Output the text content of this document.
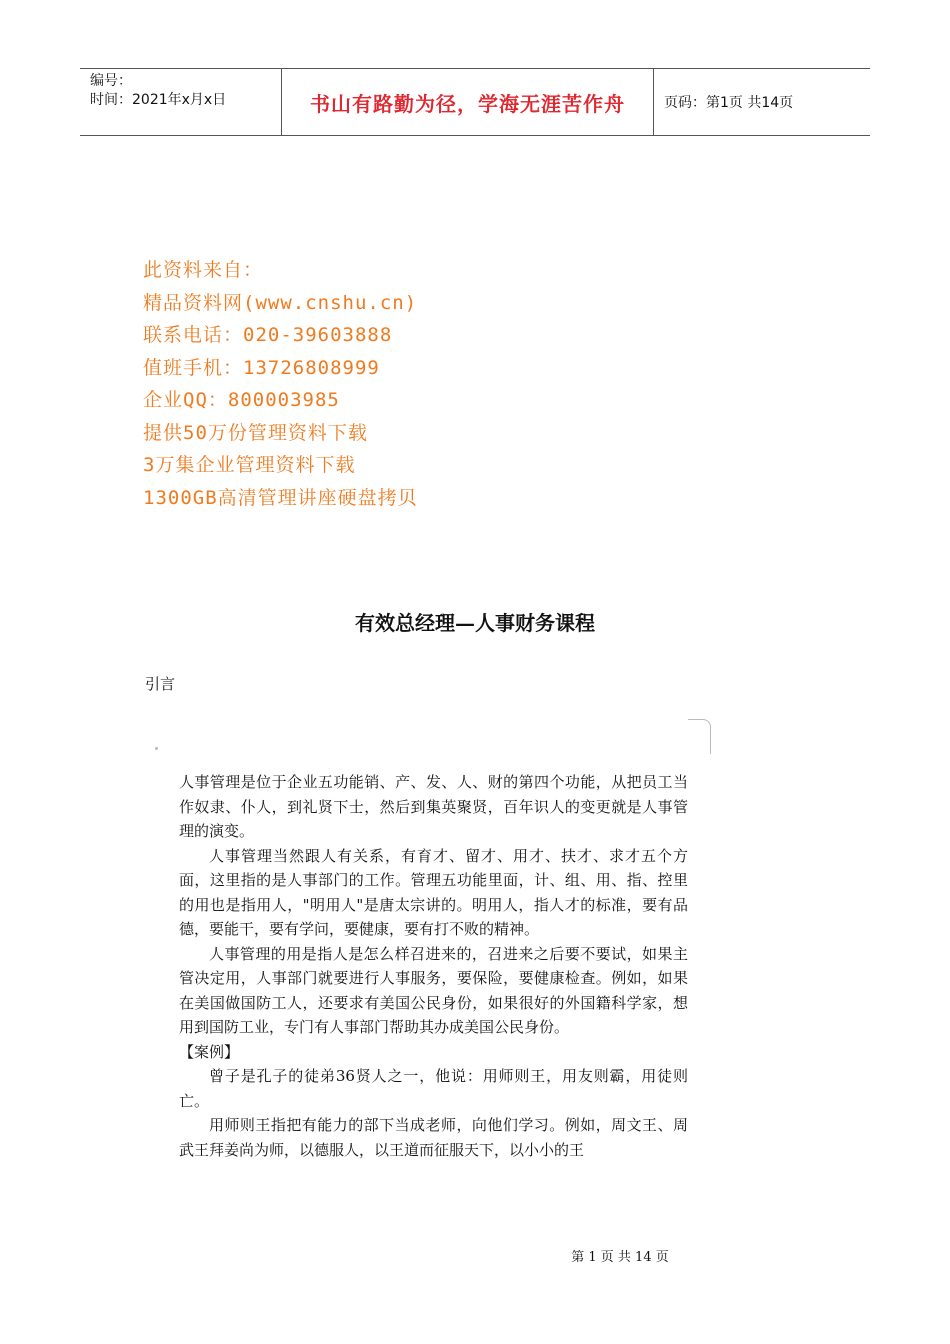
编号：
时间：2021年x月x日	书山有路勤为径，学海无涯苦作舟	页码：第1页 共14页
此资料来自：
精品资料网(www.cnshu.cn)
联系电话：020-39603888
值班手机：13726808999
企业QQ：800003985
提供50万份管理资料下载
3万集企业管理资料下载
1300GB高清管理讲座硬盘拷贝
有效总经理—人事财务课程
引言

人事管理是位于企业五功能销、产、发、人、财的第四个功能，从把员工当作奴隶、仆人，到礼贤下士，然后到集英聚贤，百年识人的变更就是人事管理的演变。

人事管理当然跟人有关系，有育才、留才、用才、扶才、求才五个方面，这里指的是人事部门的工作。管理五功能里面，计、组、用、指、控里的用也是指用人，"明用人"是唐太宗讲的。明用人，指人才的标准，要有品德，要能干，要有学问，要健康，要有打不败的精神。

人事管理的用是指人是怎么样召进来的，召进来之后要不要试，如果主管决定用，人事部门就要进行人事服务，要保险，要健康检查。例如，如果在美国做国防工人，还要求有美国公民身份，如果很好的外国籍科学家，想用到国防工业，专门有人事部门帮助其办成美国公民身份。

【案例】

曾子是孔子的徒弟36贤人之一，他说：用师则王，用友则霸，用徒则亡。

用师则王指把有能力的部下当成老师，向他们学习。例如，周文王、周武王拜姜尚为师，以德服人，以王道而征服天下，以小小的王

第 1 页 共 14 页
